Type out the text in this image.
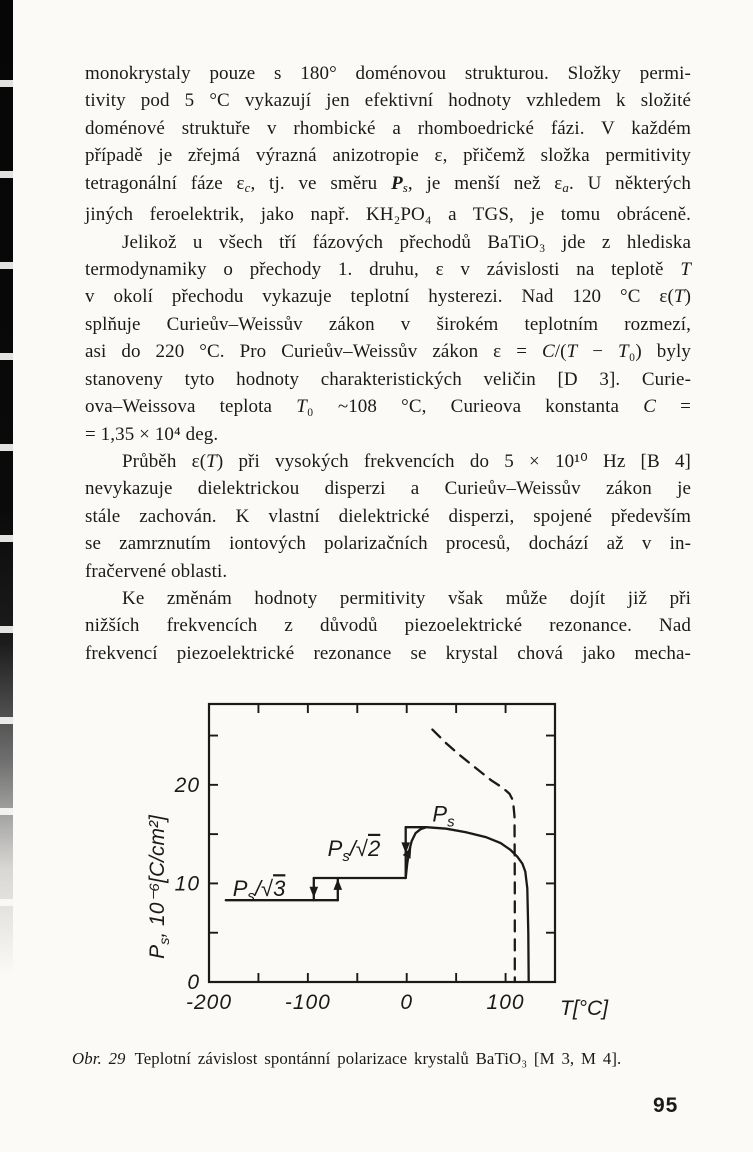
monokrystaly pouze s 180° doménovou strukturou. Složky permi-
tivity pod 5 °C vykazují jen efektivní hodnoty vzhledem k složité
doménové struktuře v rhombické a rhomboedrické fázi. V každém
případě je zřejmá výrazná anizotropie ε, přičemž složka permitivity
tetragonální fáze εc, tj. ve směru Ps, je menší než εa. U některých
jiných feroelektrik, jako např. KH₂PO₄ a TGS, je tomu obráceně.
Jelikož u všech tří fázových přechodů BaTiO₃ jde z hlediska
termodynamiky o přechody 1. druhu, ε v závislosti na teplotě T
v okolí přechodu vykazuje teplotní hysterezi. Nad 120 °C ε(T)
splňuje Curieův–Weissův zákon v širokém teplotním rozmezí,
asi do 220 °C. Pro Curieův–Weissův zákon ε = C/(T − T₀) byly
stanoveny tyto hodnoty charakteristických veličin [D 3]. Curie-
ova–Weissova teplota T₀ ~108 °C, Curieova konstanta C =
= 1,35 × 10⁴ deg.
Průběh ε(T) při vysokých frekvencích do 5 × 10¹⁰ Hz [B 4]
nevykazuje dielektrickou disperzi a Curieův–Weissův zákon je
stále zachován. K vlastní dielektrické disperzi, spojené především
se zamrznutím iontových polarizačních procesů, dochází až v in-
fračervené oblasti.
Ke změnám hodnoty permitivity však může dojít již při
nižších frekvencích z důvodů piezoelektrické rezonance. Nad
frekvencí piezoelektrické rezonance se krystal chová jako mecha-
-200	-100	0	100
0
10
20
T[°C]
$P_s$, 10⁻⁶[C/cm²]	$P_s/√3$
$P_s/√2$
$P_s$
Obr. 29 Teplotní závislost spontánní polarizace krystalů BaTiO₃ [M 3, M 4].
95
